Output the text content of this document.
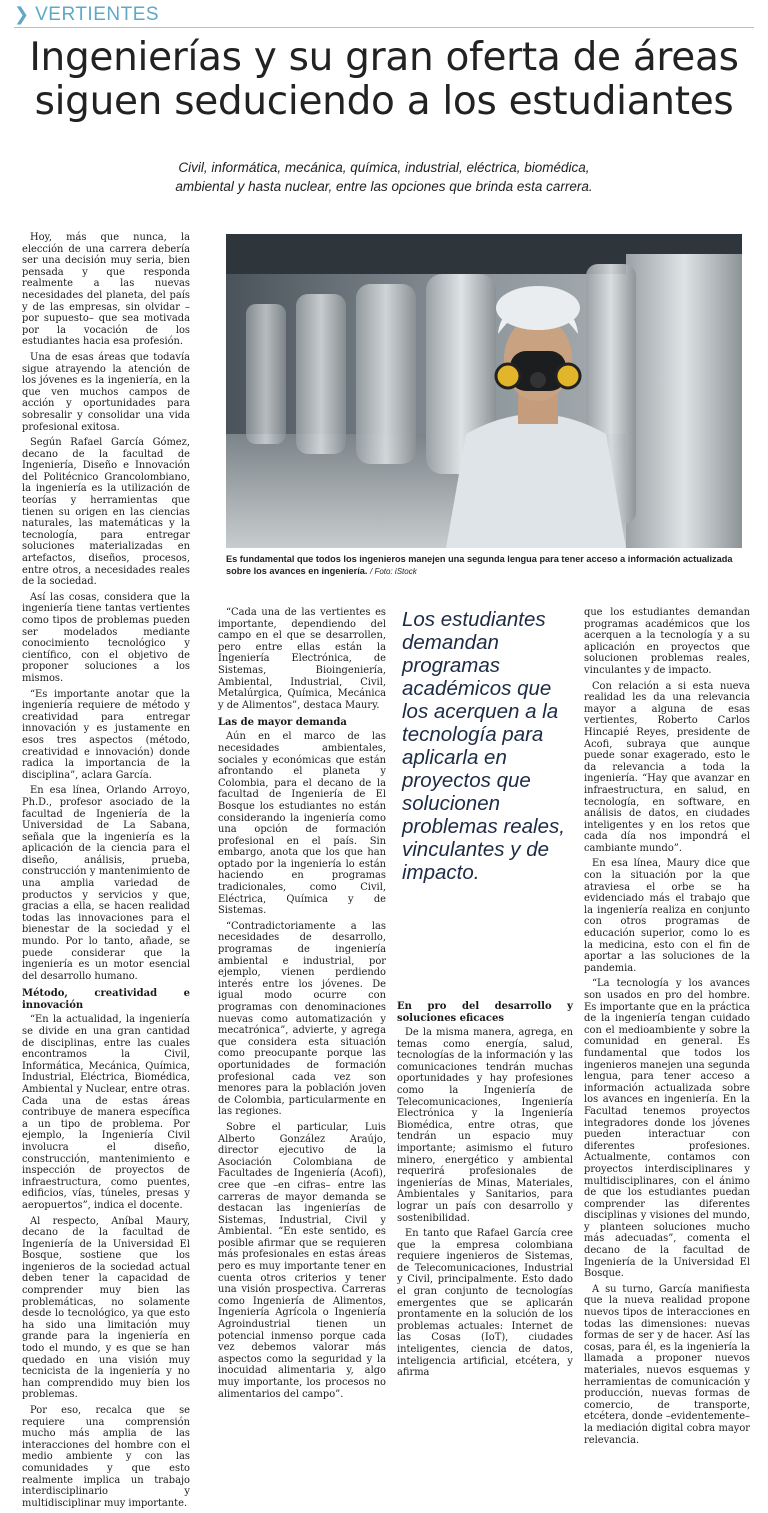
❯ VERTIENTES
Ingenierías y su gran oferta de áreas
siguen seduciendo a los estudiantes
Civil, informática, mecánica, química, industrial, eléctrica, biomédica,
ambiental y hasta nuclear, entre las opciones que brinda esta carrera.
Es fundamental que todos los ingenieros manejen una segunda lengua para tener acceso a información actualizada sobre los avances en ingeniería. / Foto: iStock

Hoy, más que nunca, la elección de una carrera debería ser una decisión muy seria, bien pensada y que responda realmente a las nuevas necesidades del planeta, del país y de las empresas, sin olvidar –por supuesto– que sea motivada por la vocación de los estudiantes hacia esa profesión.

Una de esas áreas que todavía sigue atrayendo la atención de los jóvenes es la ingeniería, en la que ven muchos campos de acción y oportunidades para sobresalir y consolidar una vida profesional exitosa.

Según Rafael García Gómez, decano de la facultad de Ingeniería, Diseño e Innovación del Politécnico Grancolombiano, la ingeniería es la utilización de teorías y herramientas que tienen su origen en las ciencias naturales, las matemáticas y la tecnología, para entregar soluciones materializadas en artefactos, diseños, procesos, entre otros, a necesidades reales de la sociedad.

Así las cosas, considera que la ingeniería tiene tantas vertientes como tipos de problemas pueden ser modelados mediante conocimiento tecnológico y científico, con el objetivo de proponer soluciones a los mismos.

“Es importante anotar que la ingeniería requiere de método y creatividad para entregar innovación y es justamente en esos tres aspectos (método, creatividad e innovación) donde radica la importancia de la disciplina”, aclara García.

En esa línea, Orlando Arroyo, Ph.D., profesor asociado de la facultad de Ingeniería de la Universidad de La Sabana, señala que la ingeniería es la aplicación de la ciencia para el diseño, análisis, prueba, construcción y mantenimiento de una amplia variedad de productos y servicios y que, gracias a ella, se hacen realidad todas las innovaciones para el bienestar de la sociedad y el mundo. Por lo tanto, añade, se puede considerar que la ingeniería es un motor esencial del desarrollo humano.

Método, creatividad e innovación

“En la actualidad, la ingeniería se divide en una gran cantidad de disciplinas, entre las cuales encontramos la Civil, Informática, Mecánica, Química, Industrial, Eléctrica, Biomédica, Ambiental y Nuclear, entre otras. Cada una de estas áreas contribuye de manera específica a un tipo de problema. Por ejemplo, la Ingeniería Civil involucra el diseño, construcción, mantenimiento e inspección de proyectos de infraestructura, como puentes, edificios, vías, túneles, presas y aeropuertos”, indica el docente.

Al respecto, Aníbal Maury, decano de la facultad de Ingeniería de la Universidad El Bosque, sostiene que los ingenieros de la sociedad actual deben tener la capacidad de comprender muy bien las problemáticas, no solamente desde lo tecnológico, ya que esto ha sido una limitación muy grande para la ingeniería en todo el mundo, y es que se han quedado en una visión muy tecnicista de la ingeniería y no han comprendido muy bien los problemas.

Por eso, recalca que se requiere una comprensión mucho más amplia de las interacciones del hombre con el medio ambiente y con las comunidades y que esto realmente implica un trabajo interdisciplinario y multidisciplinar muy importante.

“Cada una de las vertientes es importante, dependiendo del campo en el que se desarrollen, pero entre ellas están la Ingeniería Electrónica, de Sistemas, Bioingeniería, Ambiental, Industrial, Civil, Metalúrgica, Química, Mecánica y de Alimentos”, destaca Maury.

Las de mayor demanda

Aún en el marco de las necesidades ambientales, sociales y económicas que están afrontando el planeta y Colombia, para el decano de la facultad de Ingeniería de El Bosque los estudiantes no están considerando la ingeniería como una opción de formación profesional en el país. Sin embargo, anota que los que han optado por la ingeniería lo están haciendo en programas tradicionales, como Civil, Eléctrica, Química y de Sistemas.

“Contradictoriamente a las necesidades de desarrollo, programas de ingeniería ambiental e industrial, por ejemplo, vienen perdiendo interés entre los jóvenes. De igual modo ocurre con programas con denominaciones nuevas como automatización y mecatrónica”, advierte, y agrega que considera esta situación como preocupante porque las oportunidades de formación profesional cada vez son menores para la población joven de Colombia, particularmente en las regiones.

Sobre el particular, Luis Alberto González Araújo, director ejecutivo de la Asociación Colombiana de Facultades de Ingeniería (Acofi), cree que –en cifras– entre las carreras de mayor demanda se destacan las ingenierías de Sistemas, Industrial, Civil y Ambiental. “En este sentido, es posible afirmar que se requieren más profesionales en estas áreas pero es muy importante tener en cuenta otros criterios y tener una visión prospectiva. Carreras como Ingeniería de Alimentos, Ingeniería Agrícola o Ingeniería Agroindustrial tienen un potencial inmenso porque cada vez debemos valorar más aspectos como la seguridad y la inocuidad alimentaria y, algo muy importante, los procesos no alimentarios del campo”.

Los estudiantes demandan programas académicos que los acerquen a la tecnología para aplicarla en proyectos que solucionen problemas reales, vinculantes y de impacto.
En pro del desarrollo y soluciones eficaces

De la misma manera, agrega, en temas como energía, salud, tecnologías de la información y las comunicaciones tendrán muchas oportunidades y hay profesiones como la Ingeniería de Telecomunicaciones, Ingeniería Electrónica y la Ingeniería Biomédica, entre otras, que tendrán un espacio muy importante; asimismo el futuro minero, energético y ambiental requerirá profesionales de ingenierías de Minas, Materiales, Ambientales y Sanitarios, para lograr un país con desarrollo y sostenibilidad.

En tanto que Rafael García cree que la empresa colombiana requiere ingenieros de Sistemas, de Telecomunicaciones, Industrial y Civil, principalmente. Esto dado el gran conjunto de tecnologías emergentes que se aplicarán prontamente en la solución de los problemas actuales: Internet de las Cosas (IoT), ciudades inteligentes, ciencia de datos, inteligencia artificial, etcétera, y afirma

que los estudiantes demandan programas académicos que los acerquen a la tecnología y a su aplicación en proyectos que solucionen problemas reales, vinculantes y de impacto.

Con relación a si esta nueva realidad les da una relevancia mayor a alguna de esas vertientes, Roberto Carlos Hincapié Reyes, presidente de Acofi, subraya que aunque puede sonar exagerado, esto le da relevancia a toda la ingeniería. “Hay que avanzar en infraestructura, en salud, en tecnología, en software, en análisis de datos, en ciudades inteligentes y en los retos que cada día nos impondrá el cambiante mundo”.

En esa línea, Maury dice que con la situación por la que atraviesa el orbe se ha evidenciado más el trabajo que la ingeniería realiza en conjunto con otros programas de educación superior, como lo es la medicina, esto con el fin de aportar a las soluciones de la pandemia.

“La tecnología y los avances son usados en pro del hombre. Es importante que en la práctica de la ingeniería tengan cuidado con el medioambiente y sobre la comunidad en general. Es fundamental que todos los ingenieros manejen una segunda lengua, para tener acceso a información actualizada sobre los avances en ingeniería. En la Facultad tenemos proyectos integradores donde los jóvenes pueden interactuar con diferentes profesiones. Actualmente, contamos con proyectos interdisciplinares y multidisciplinares, con el ánimo de que los estudiantes puedan comprender las diferentes disciplinas y visiones del mundo, y planteen soluciones mucho más adecuadas”, comenta el decano de la facultad de Ingeniería de la Universidad El Bosque.

A su turno, García manifiesta que la nueva realidad propone nuevos tipos de interacciones en todas las dimensiones: nuevas formas de ser y de hacer. Así las cosas, para él, es la ingeniería la llamada a proponer nuevos materiales, nuevos esquemas y herramientas de comunicación y producción, nuevas formas de comercio, de transporte, etcétera, donde –evidentemente– la mediación digital cobra mayor relevancia.
